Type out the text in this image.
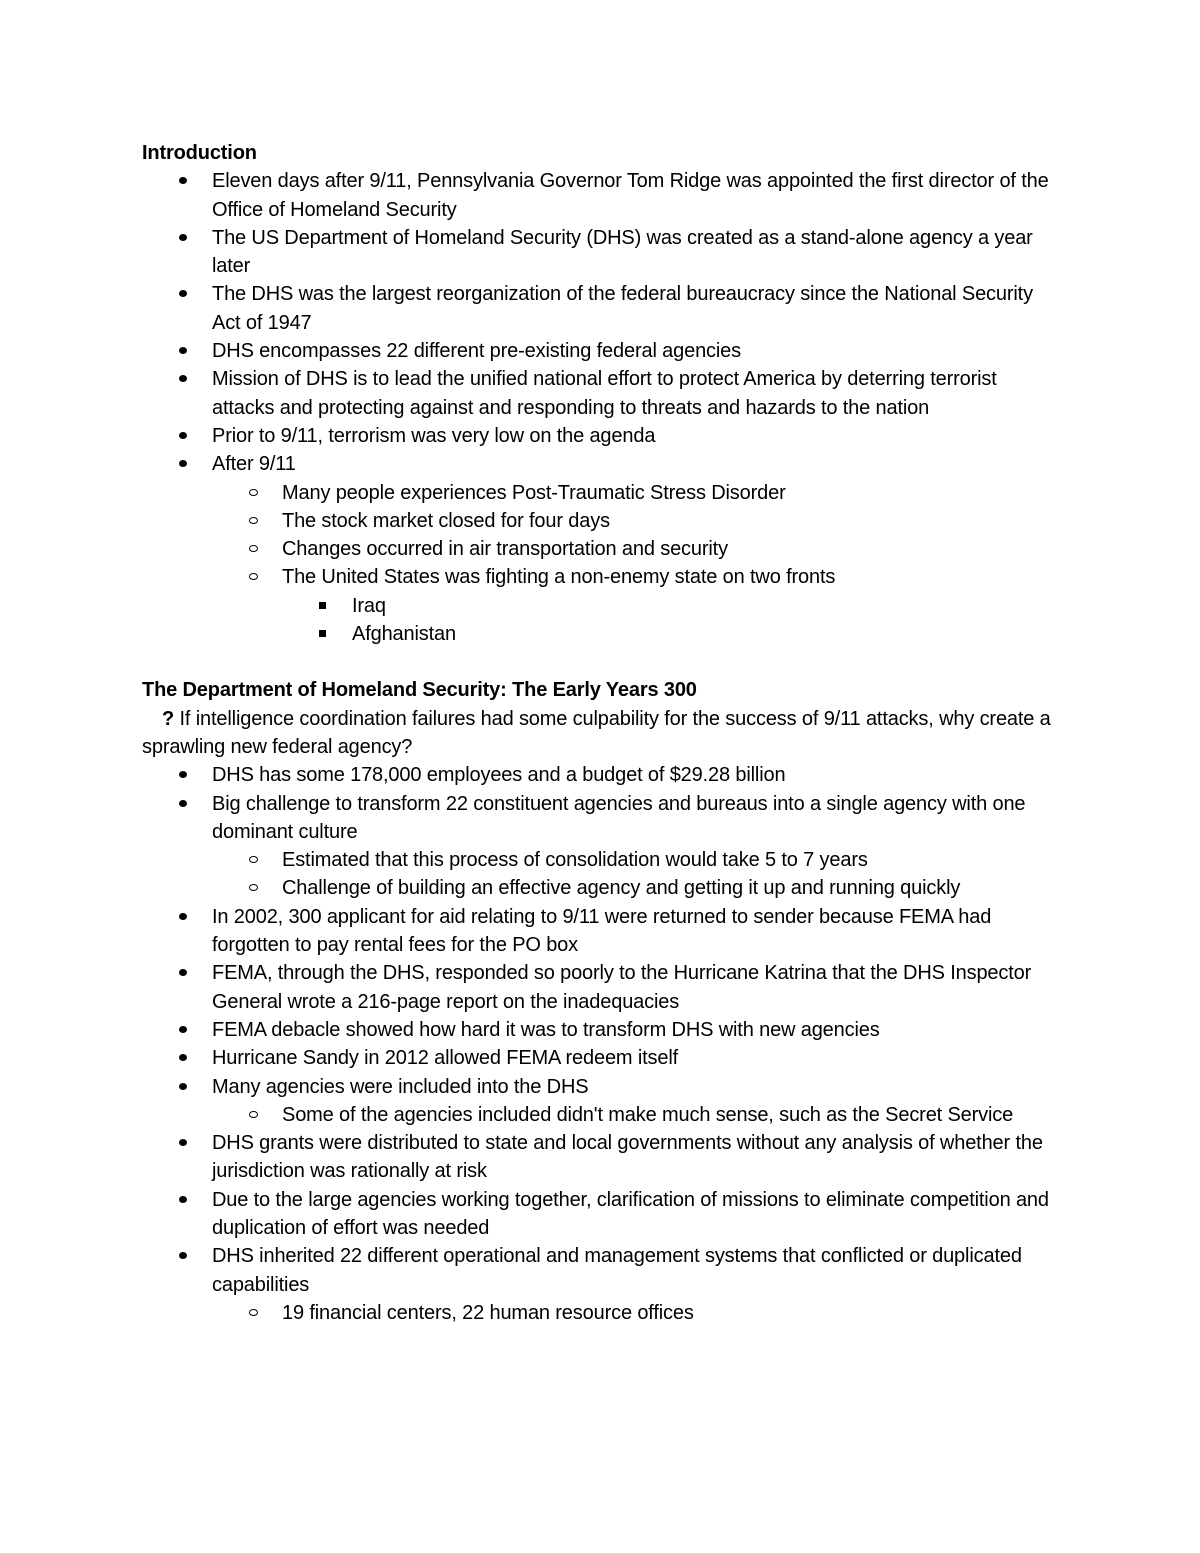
Introduction

Eleven days after 9/11, Pennsylvania Governor Tom Ridge was appointed the first director of the Office of Homeland Security
The US Department of Homeland Security (DHS) was created as a stand-alone agency a year later
The DHS was the largest reorganization of the federal bureaucracy since the National Security Act of 1947
DHS encompasses 22 different pre-existing federal agencies
Mission of DHS is to lead the unified national effort to protect America by deterring terrorist attacks and protecting against and responding to threats and hazards to the nation
Prior to 9/11, terrorism was very low on the agenda
After 9/11
Many people experiences Post-Traumatic Stress Disorder
The stock market closed for four days
Changes occurred in air transportation and security
The United States was fighting a non-enemy state on two fronts
Iraq
Afghanistan

The Department of Homeland Security: The Early Years 300

? If intelligence coordination failures had some culpability for the success of 9/11 attacks, why create a sprawling new federal agency?

DHS has some 178,000 employees and a budget of $29.28 billion
Big challenge to transform 22 constituent agencies and bureaus into a single agency with one dominant culture
Estimated that this process of consolidation would take 5 to 7 years
Challenge of building an effective agency and getting it up and running quickly
In 2002, 300 applicant for aid relating to 9/11 were returned to sender because FEMA had forgotten to pay rental fees for the PO box
FEMA, through the DHS, responded so poorly to the Hurricane Katrina that the DHS Inspector General wrote a 216-page report on the inadequacies
FEMA debacle showed how hard it was to transform DHS with new agencies
Hurricane Sandy in 2012 allowed FEMA redeem itself
Many agencies were included into the DHS
Some of the agencies included didn't make much sense, such as the Secret Service
DHS grants were distributed to state and local governments without any analysis of whether the jurisdiction was rationally at risk
Due to the large agencies working together, clarification of missions to eliminate competition and duplication of effort was needed
DHS inherited 22 different operational and management systems that conflicted or duplicated capabilities
19 financial centers, 22 human resource offices
